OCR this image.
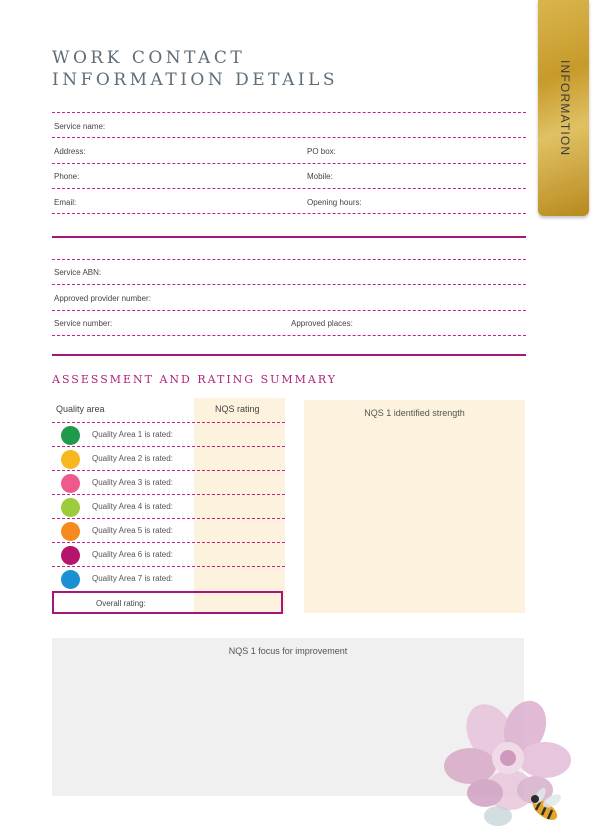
WORK CONTACT
INFORMATION DETAILS	INFORMATION
Service name:
Address:	PO box:
Phone:	Mobile:
Email:	Opening hours:
Service ABN:
Approved provider number:
Service number:	Approved places:
ASSESSMENT AND RATING SUMMARY
Quality area	NQS rating
Quality Area 1 is rated:
Quality Area 2 is rated:
Quality Area 3 is rated:
Quality Area 4 is rated:
Quality Area 5 is rated:
Quality Area 6 is rated:
Quality Area 7 is rated:
Overall rating:
NQS 1 identified strength
NQS 1 focus for improvement
